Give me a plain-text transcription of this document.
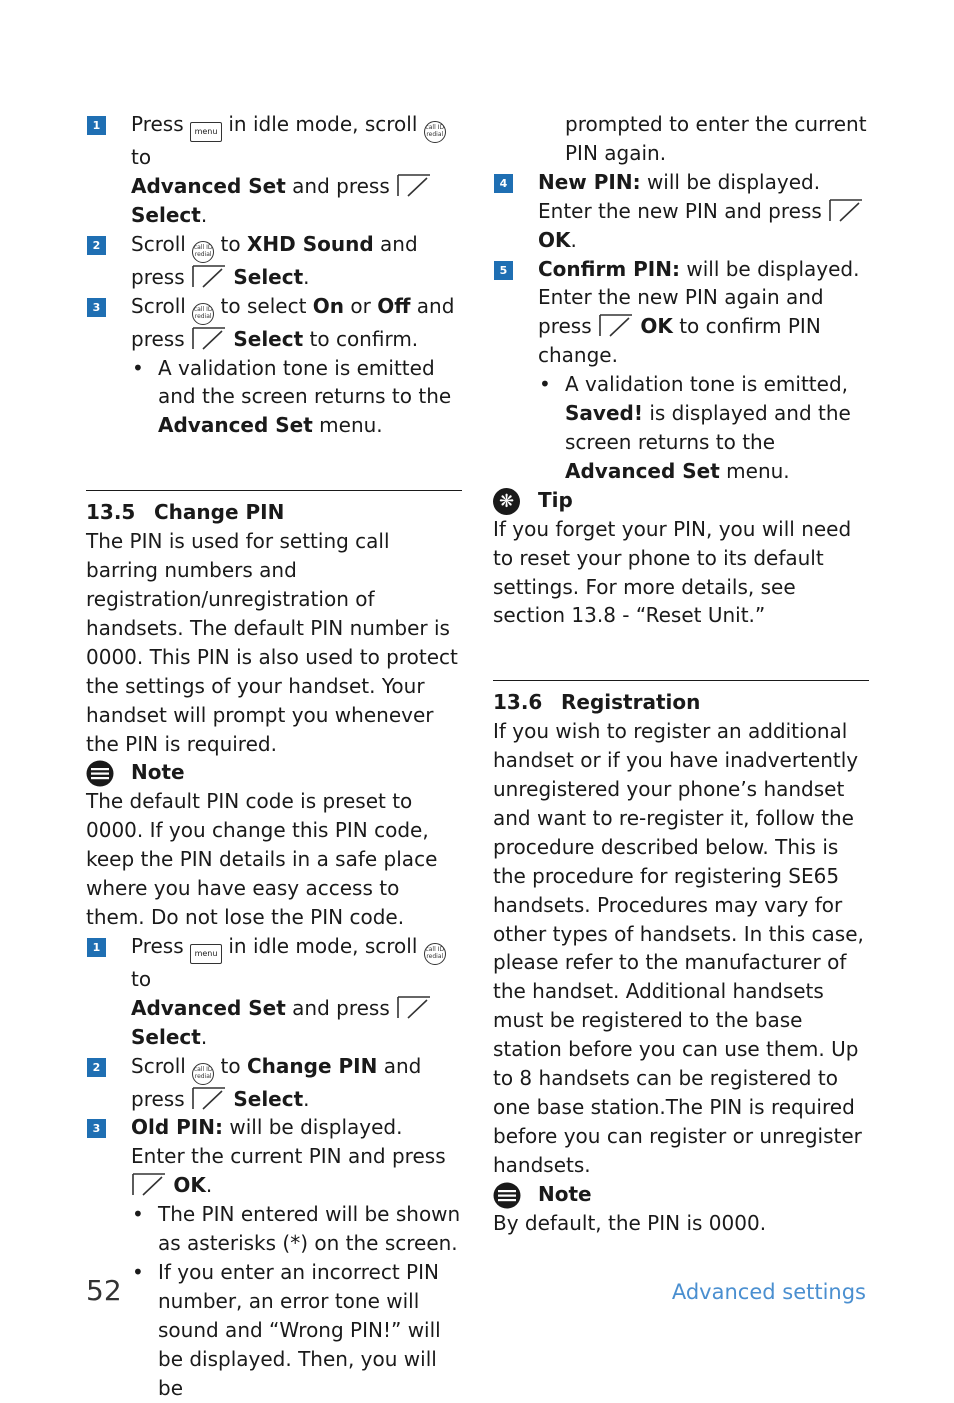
1 Press menu in idle mode, scroll call ID
redial to
Advanced Set and press

Select.
2 Scroll call ID
redial to XHD Sound and
press Select.
3 Scroll call ID
redial to select On or Off and
press Select to confirm.
• A validation tone is emitted and the screen returns to the Advanced Set menu.
13.5 Change PIN
The PIN is used for setting call barring numbers and registration/unregistration of handsets. The default PIN number is 0000. This PIN is also used to protect the settings of your handset. Your handset will prompt you whenever the PIN is required.
Note
The default PIN code is preset to 0000. If you change this PIN code, keep the PIN details in a safe place where you have easy access to them. Do not lose the PIN code.
1 Press menu in idle mode, scroll call ID
redial to
Advanced Set and press

Select.
2 Scroll call ID
redial to Change PIN and
press Select.
3 Old PIN: will be displayed. Enter the current PIN and press
OK.
• The PIN entered will be shown as asterisks (*) on the screen.
• If you enter an incorrect PIN number, an error tone will sound and “Wrong PIN!” will be displayed. Then, you will be
prompted to enter the current PIN again.
4 New PIN: will be displayed. Enter the new PIN and press
OK.
5 Confirm PIN: will be displayed. Enter the new PIN again and press OK to confirm PIN change.
• A validation tone is emitted, Saved! is displayed and the screen returns to the Advanced Set menu.
❋ Tip
If you forget your PIN, you will need to reset your phone to its default settings. For more details, see section 13.8 - “Reset Unit.”
13.6 Registration
If you wish to register an additional handset or if you have inadvertently unregistered your phone’s handset and want to re-register it, follow the procedure described below. This is the procedure for registering SE65 handsets. Procedures may vary for other types of handsets. In this case, please refer to the manufacturer of the handset. Additional handsets must be registered to the base station before you can use them. Up to 8 handsets can be registered to one base station.The PIN is required before you can register or unregister handsets.
Note
By default, the PIN is 0000.
52	Advanced settings
